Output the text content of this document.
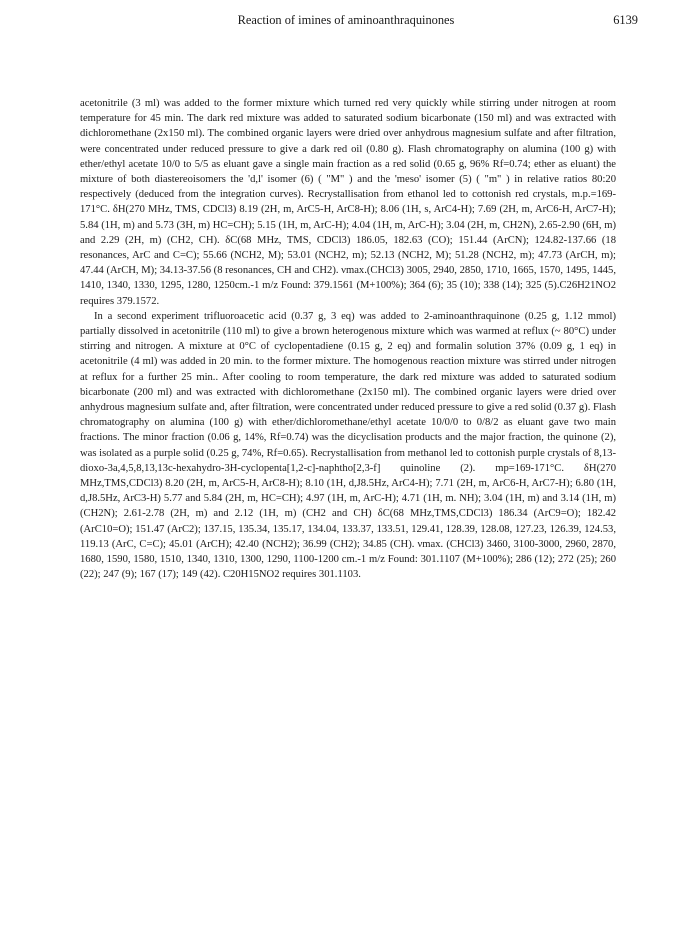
Reaction of imines of aminoanthraquinones	6139

acetonitrile (3 ml) was added to the former mixture which turned red very quickly while stirring under nitrogen at room temperature for 45 min. The dark red mixture was added to saturated sodium bicarbonate (150 ml) and was extracted with dichloromethane (2x150 ml). The combined organic layers were dried over anhydrous magnesium sulfate and after filtration, were concentrated under reduced pressure to give a dark red oil (0.80 g). Flash chromatography on alumina (100 g) with ether/ethyl acetate 10/0 to 5/5 as eluant gave a single main fraction as a red solid (0.65 g, 96% Rf=0.74; ether as eluant) the mixture of both diastereoisomers the 'd,l' isomer (6) ( "M" ) and the 'meso' isomer (5) ( "m" ) in relative ratios 80:20 respectively (deduced from the integration curves). Recrystallisation from ethanol led to cottonish red crystals, m.p.=169-171°C. δH(270 MHz, TMS, CDCl3) 8.19 (2H, m, ArC5-H, ArC8-H); 8.06 (1H, s, ArC4-H); 7.69 (2H, m, ArC6-H, ArC7-H); 5.84 (1H, m) and 5.73 (3H, m) HC=CH); 5.15 (1H, m, ArC-H); 4.04 (1H, m, ArC-H); 3.04 (2H, m, CH2N), 2.65-2.90 (6H, m) and 2.29 (2H, m) (CH2, CH). δC(68 MHz, TMS, CDCl3) 186.05, 182.63 (CO); 151.44 (ArCN); 124.82-137.66 (18 resonances, ArC and C=C); 55.66 (NCH2, M); 53.01 (NCH2, m); 52.13 (NCH2, M); 51.28 (NCH2, m); 47.73 (ArCH, m); 47.44 (ArCH, M); 34.13-37.56 (8 resonances, CH and CH2). νmax.(CHCl3) 3005, 2940, 2850, 1710, 1665, 1570, 1495, 1445, 1410, 1340, 1330, 1295, 1280, 1250cm.-1 m/z Found: 379.1561 (M+100%); 364 (6); 35 (10); 338 (14); 325 (5).C26H21NO2 requires 379.1572.

In a second experiment trifluoroacetic acid (0.37 g, 3 eq) was added to 2-aminoanthraquinone (0.25 g, 1.12 mmol) partially dissolved in acetonitrile (110 ml) to give a brown heterogenous mixture which was warmed at reflux (~ 80°C) under stirring and nitrogen. A mixture at 0°C of cyclopentadiene (0.15 g, 2 eq) and formalin solution 37% (0.09 g, 1 eq) in acetonitrile (4 ml) was added in 20 min. to the former mixture. The homogenous reaction mixture was stirred under nitrogen at reflux for a further 25 min.. After cooling to room temperature, the dark red mixture was added to saturated sodium bicarbonate (200 ml) and was extracted with dichloromethane (2x150 ml). The combined organic layers were dried over anhydrous magnesium sulfate and, after filtration, were concentrated under reduced pressure to give a red solid (0.37 g). Flash chromatography on alumina (100 g) with ether/dichloromethane/ethyl acetate 10/0/0 to 0/8/2 as eluant gave two main fractions. The minor fraction (0.06 g, 14%, Rf=0.74) was the dicyclisation products and the major fraction, the quinone (2), was isolated as a purple solid (0.25 g, 74%, Rf=0.65). Recrystallisation from methanol led to cottonish purple crystals of 8,13-dioxo-3a,4,5,8,13,13c-hexahydro-3H-cyclopenta[1,2-c]-naphtho[2,3-f] quinoline (2). mp=169-171°C. δH(270 MHz,TMS,CDCl3) 8.20 (2H, m, ArC5-H, ArC8-H); 8.10 (1H, d,J8.5Hz, ArC4-H); 7.71 (2H, m, ArC6-H, ArC7-H); 6.80 (1H, d,J8.5Hz, ArC3-H) 5.77 and 5.84 (2H, m, HC=CH); 4.97 (1H, m, ArC-H); 4.71 (1H, m. NH); 3.04 (1H, m) and 3.14 (1H, m) (CH2N); 2.61-2.78 (2H, m) and 2.12 (1H, m) (CH2 and CH) δC(68 MHz,TMS,CDCl3) 186.34 (ArC9=O); 182.42 (ArC10=O); 151.47 (ArC2); 137.15, 135.34, 135.17, 134.04, 133.37, 133.51, 129.41, 128.39, 128.08, 127.23, 126.39, 124.53, 119.13 (ArC, C=C); 45.01 (ArCH); 42.40 (NCH2); 36.99 (CH2); 34.85 (CH). νmax. (CHCl3) 3460, 3100-3000, 2960, 2870, 1680, 1590, 1580, 1510, 1340, 1310, 1300, 1290, 1100-1200 cm.-1 m/z Found: 301.1107 (M+100%); 286 (12); 272 (25); 260 (22); 247 (9); 167 (17); 149 (42). C20H15NO2 requires 301.1103.
